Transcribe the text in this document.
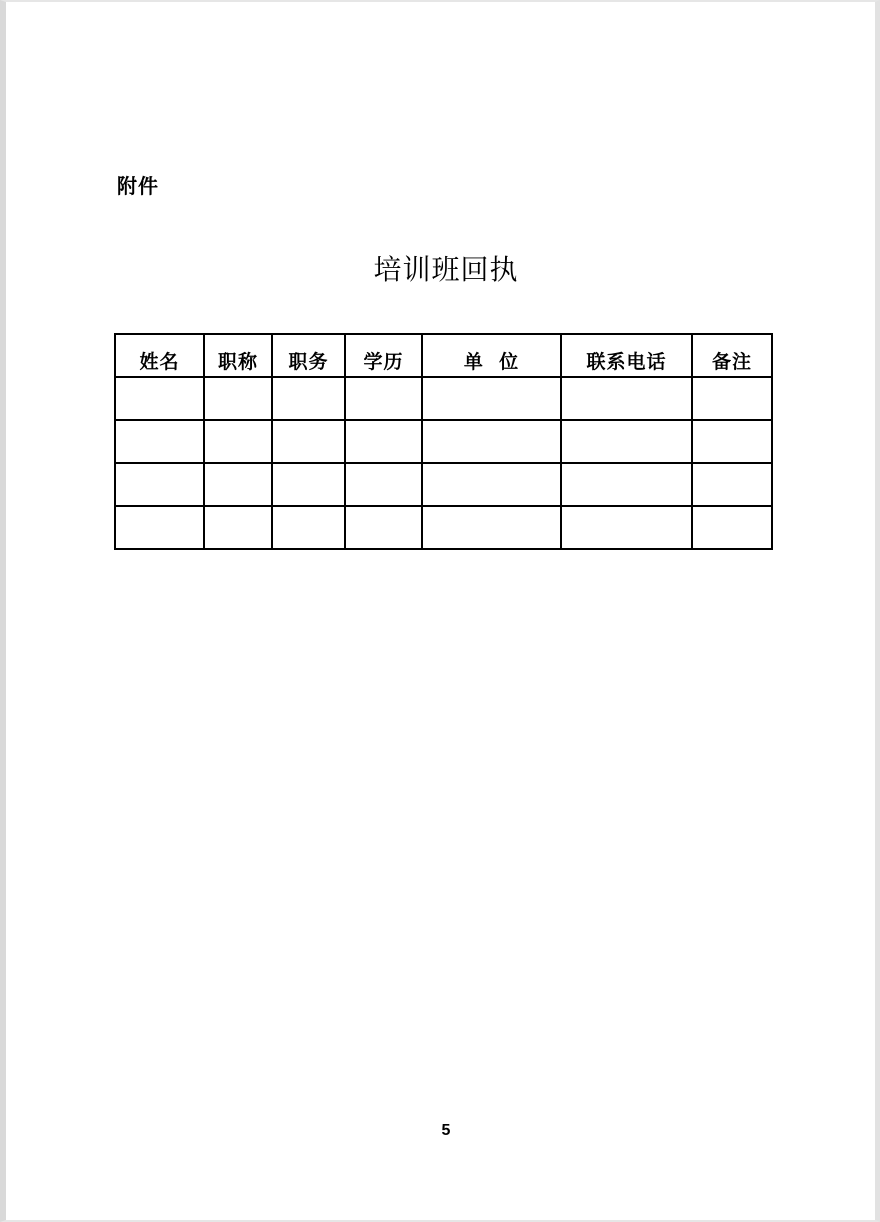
附件
培训班回执
姓名	职称	职务	学历	单  位	联系电话	备注

5
